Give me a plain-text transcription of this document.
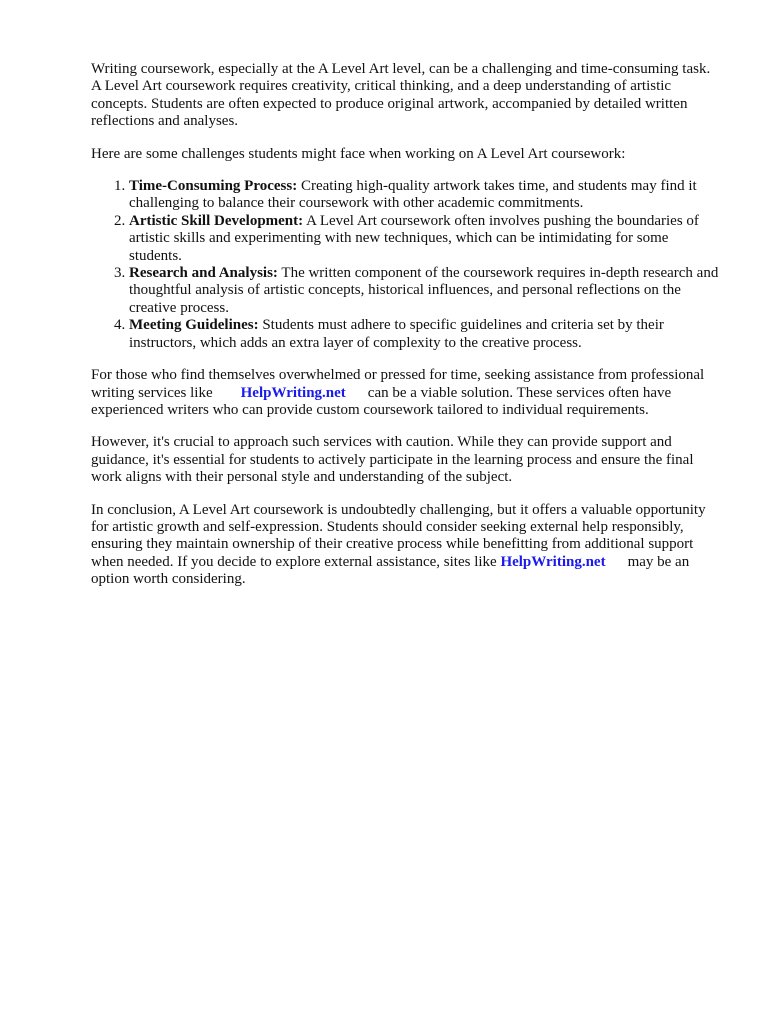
Writing coursework, especially at the A Level Art level, can be a challenging and time-consuming task. A Level Art coursework requires creativity, critical thinking, and a deep understanding of artistic concepts. Students are often expected to produce original artwork, accompanied by detailed written reflections and analyses.

Here are some challenges students might face when working on A Level Art coursework:

1. Time-Consuming Process: Creating high-quality artwork takes time, and students may find it challenging to balance their coursework with other academic commitments.
2. Artistic Skill Development: A Level Art coursework often involves pushing the boundaries of artistic skills and experimenting with new techniques, which can be intimidating for some students.
3. Research and Analysis: The written component of the coursework requires in-depth research and thoughtful analysis of artistic concepts, historical influences, and personal reflections on the creative process.
4. Meeting Guidelines: Students must adhere to specific guidelines and criteria set by their instructors, which adds an extra layer of complexity to the creative process.

For those who find themselves overwhelmed or pressed for time, seeking assistance from professional writing services like HelpWriting.net can be a viable solution. These services often have experienced writers who can provide custom coursework tailored to individual requirements.

However, it's crucial to approach such services with caution. While they can provide support and guidance, it's essential for students to actively participate in the learning process and ensure the final work aligns with their personal style and understanding of the subject.

In conclusion, A Level Art coursework is undoubtedly challenging, but it offers a valuable opportunity for artistic growth and self-expression. Students should consider seeking external help responsibly, ensuring they maintain ownership of their creative process while benefitting from additional support when needed. If you decide to explore external assistance, sites like HelpWriting.net may be an option worth considering.
